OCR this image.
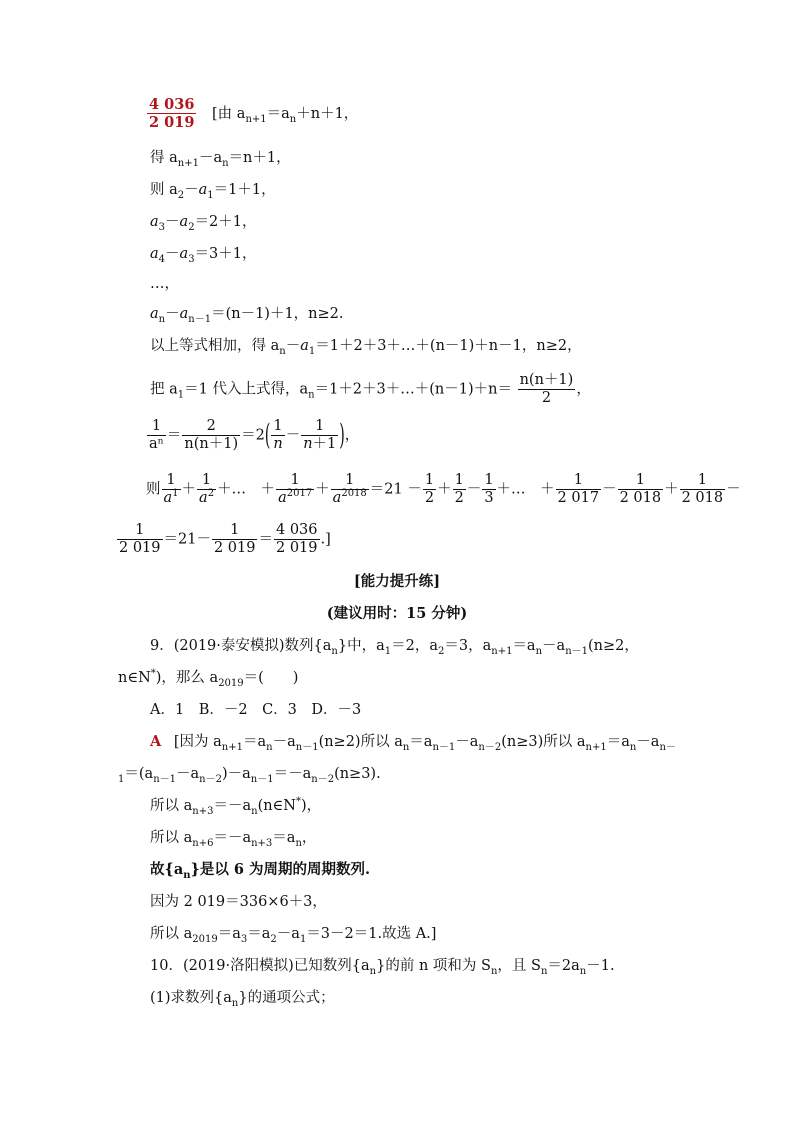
$\frac{4 036}{2 019}$ [由 $a_{n+1}=a_n+n+1$，
得 $a_{n+1}-a_n=n+1$，
则 $a_2-a_1=1+1$，
$a_3-a_2=2+1$，
$a_4-a_3=3+1$，
…，
$a_n-a_{n-1}=(n-1)+1$，n≥2.
以上等式相加，得 $a_n-a_1=1+2+3+\dots+(n-1)+n-1$，n≥2，
把 $a_1=1$ 代入上式得，$a_n=1+2+3+\dots+(n-1)+n= \frac{n(n+1)}{2}$ ，
$\frac{1}{\text{aⁿ}} = \frac{2}{n(n+1)} =2( \frac{1}{n} - \frac{1}{n+1}$ )，
则 $\frac{1}{a^1} + \frac{1}{a^2}$ ＋…　＋ $\frac{1}{a^{2017}} + \frac{1}{a^{2018}} =21 - \frac{1}{2} + \frac{1}{2} - \frac{1}{3}$ ＋…　＋ $\frac{1}{2 017} - \frac{1}{2 018} + \frac{1}{2 018}$ －
$\frac{1}{2 019} =21- \frac{1}{2 019} = \frac{4 036}{2 019}$ .]
[能力提升练]
(建议用时：15 分钟)
9．(2019·泰安模拟)数列$\{a_n\}$中，$a_1=2$，$a_2=3$，$a_{n+1}=a_n-a_{n-1}(n\ge 2$，
n∈N*)，那么 $a_{2019}=$(　　)
A．1　B．－2　C．3　D．－3
A [因为 $a_{n+1}=a_n-a_{n-1}(n\ge 2)$所以 $a_n=a_{n-1}-a_{n-2}(n\ge 3)$所以 $a_{n+1}=a_n-a_{n-}$
$_1=(a_{n-1}-a_{n-2})-a_{n-1}=-a_{n-2}(n\ge 3)$.
所以 $a_{n+3}=-a_n(n\in N^*)$，
所以 $a_{n+6}=-a_{n+3}=a_n$，
故$\{a_n\}$是以 6 为周期的周期数列.
因为 2 019＝336×6＋3，
所以 $a_{2019}=a_3=a_2-a_1=3-2=1$.故选 A.]
10．(2019·洛阳模拟)已知数列$\{a_n\}$的前 n 项和为 $S_n$，且 $S_n=2a_n-1$.
(1)求数列$\{a_n\}$的通项公式；
